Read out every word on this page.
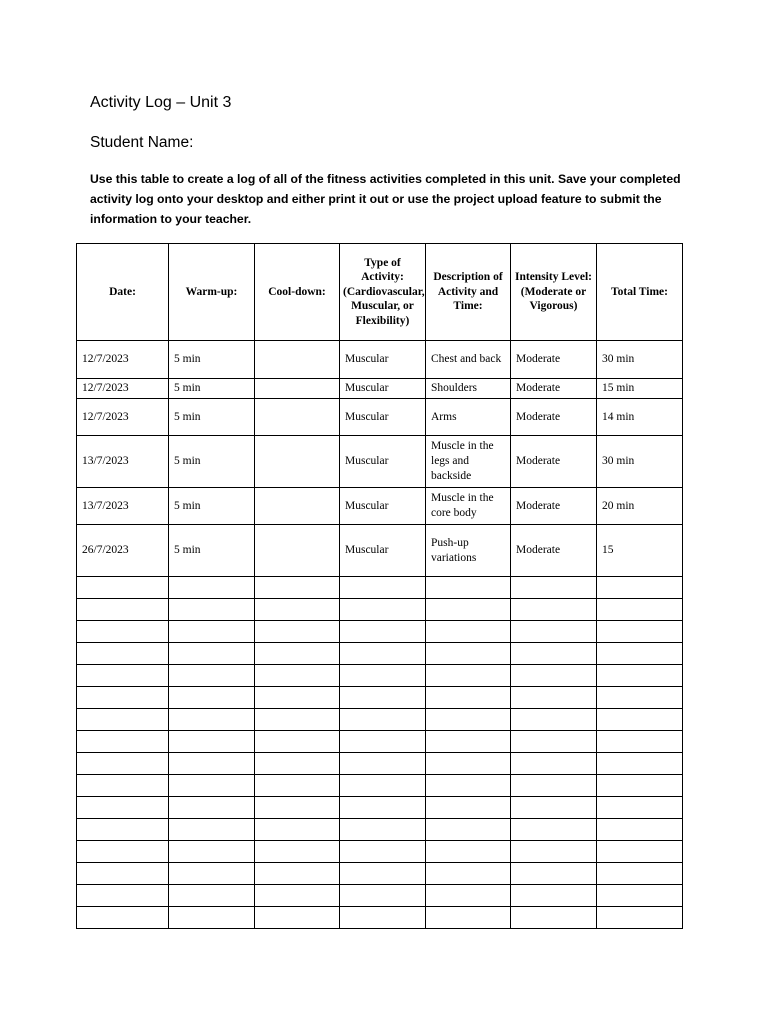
Activity Log – Unit 3
Student Name:

Use this table to create a log of all of the fitness activities completed in this unit. Save your completed activity log onto your desktop and either print it out or use the project upload feature to submit the information to your teacher.

Date:	Warm-up:	Cool-down:	Type of Activity: (Cardiovascular, Muscular, or Flexibility)	Description of Activity and Time:	Intensity Level: (Moderate or Vigorous)	Total Time:
12/7/2023	5 min		Muscular	Chest and back	Moderate	30 min
12/7/2023	5 min		Muscular	Shoulders	Moderate	15 min
12/7/2023	5 min		Muscular	Arms	Moderate	14 min
13/7/2023	5 min		Muscular	Muscle in the legs and backside	Moderate	30 min
13/7/2023	5 min		Muscular	Muscle in the core body	Moderate	20 min
26/7/2023	5 min		Muscular	Push-up variations	Moderate	15
